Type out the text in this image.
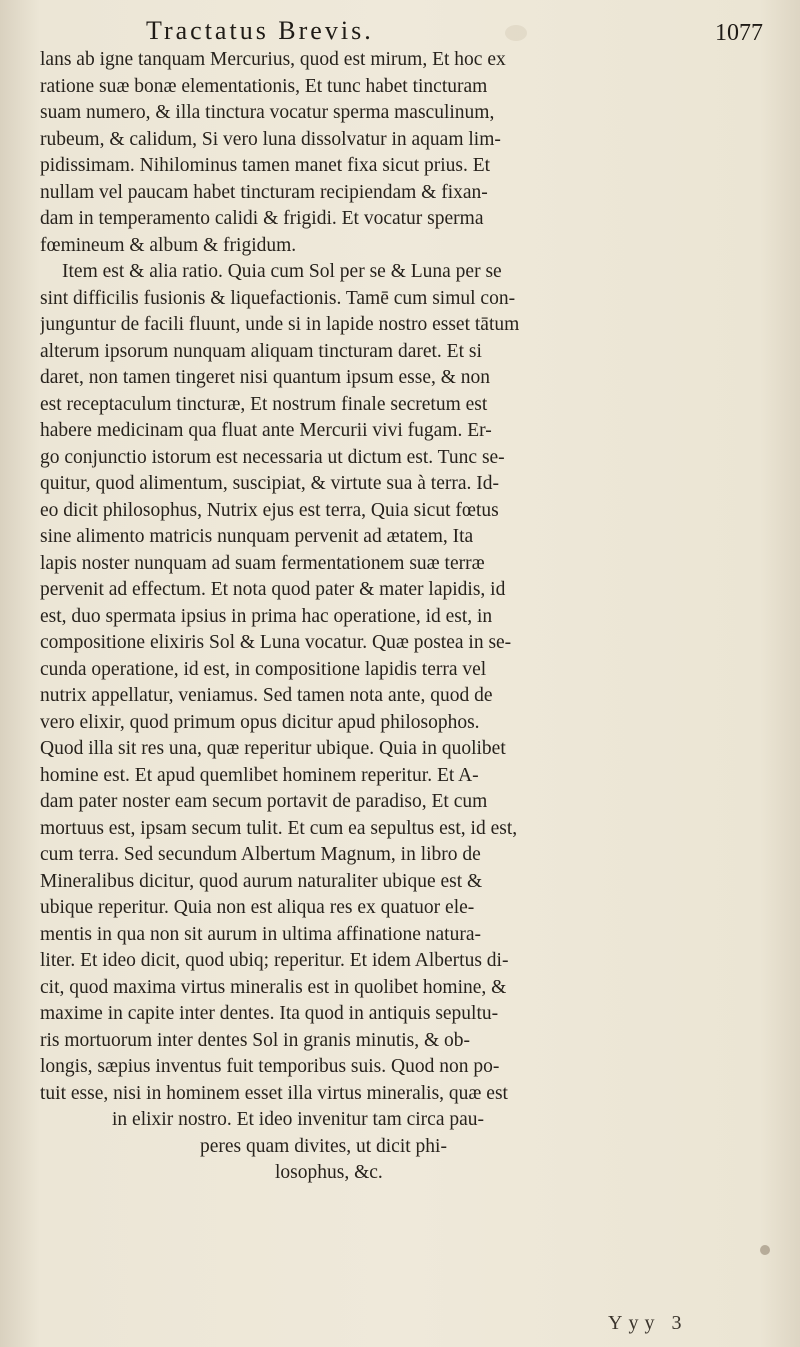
Tractatus Brevis.	1077
lans ab igne tanquam Mercurius, quod est mirum, Et hoc ex
ratione suæ bonæ elementationis, Et tunc habet tincturam
suam numero, & illa tinctura vocatur sperma masculinum,
rubeum, & calidum, Si vero luna dissolvatur in aquam lim-
pidissimam. Nihilominus tamen manet fixa sicut prius. Et
nullam vel paucam habet tincturam recipiendam & fixan-
dam in temperamento calidi & frigidi. Et vocatur sperma
fœmineum & album & frigidum.
Item est & alia ratio. Quia cum Sol per se & Luna per se
sint difficilis fusionis & liquefactionis. Tamē cum simul con-
junguntur de facili fluunt, unde si in lapide nostro esset tātum
alterum ipsorum nunquam aliquam tincturam daret. Et si
daret, non tamen tingeret nisi quantum ipsum esse, & non
est receptaculum tincturæ, Et nostrum finale secretum est
habere medicinam qua fluat ante Mercurii vivi fugam. Er-
go conjunctio istorum est necessaria ut dictum est. Tunc se-
quitur, quod alimentum, suscipiat, & virtute sua à terra. Id-
eo dicit philosophus, Nutrix ejus est terra, Quia sicut fœtus
sine alimento matricis nunquam pervenit ad ætatem, Ita
lapis noster nunquam ad suam fermentationem suæ terræ
pervenit ad effectum. Et nota quod pater & mater lapidis, id
est, duo spermata ipsius in prima hac operatione, id est, in
compositione elixiris Sol & Luna vocatur. Quæ postea in se-
cunda operatione, id est, in compositione lapidis terra vel
nutrix appellatur, veniamus. Sed tamen nota ante, quod de
vero elixir, quod primum opus dicitur apud philosophos.
Quod illa sit res una, quæ reperitur ubique. Quia in quolibet
homine est. Et apud quemlibet hominem reperitur. Et A-
dam pater noster eam secum portavit de paradiso, Et cum
mortuus est, ipsam secum tulit. Et cum ea sepultus est, id est,
cum terra. Sed secundum Albertum Magnum, in libro de
Mineralibus dicitur, quod aurum naturaliter ubique est &
ubique reperitur. Quia non est aliqua res ex quatuor ele-
mentis in qua non sit aurum in ultima affinatione natura-
liter. Et ideo dicit, quod ubiq; reperitur. Et idem Albertus di-
cit, quod maxima virtus mineralis est in quolibet homine, &
maxime in capite inter dentes. Ita quod in antiquis sepultu-
ris mortuorum inter dentes Sol in granis minutis, & ob-
longis, sæpius inventus fuit temporibus suis. Quod non po-
tuit esse, nisi in hominem esset illa virtus mineralis, quæ est
in elixir nostro. Et ideo invenitur tam circa pau-
peres quam divites, ut dicit phi-
losophus, &c.
Yyy 3
